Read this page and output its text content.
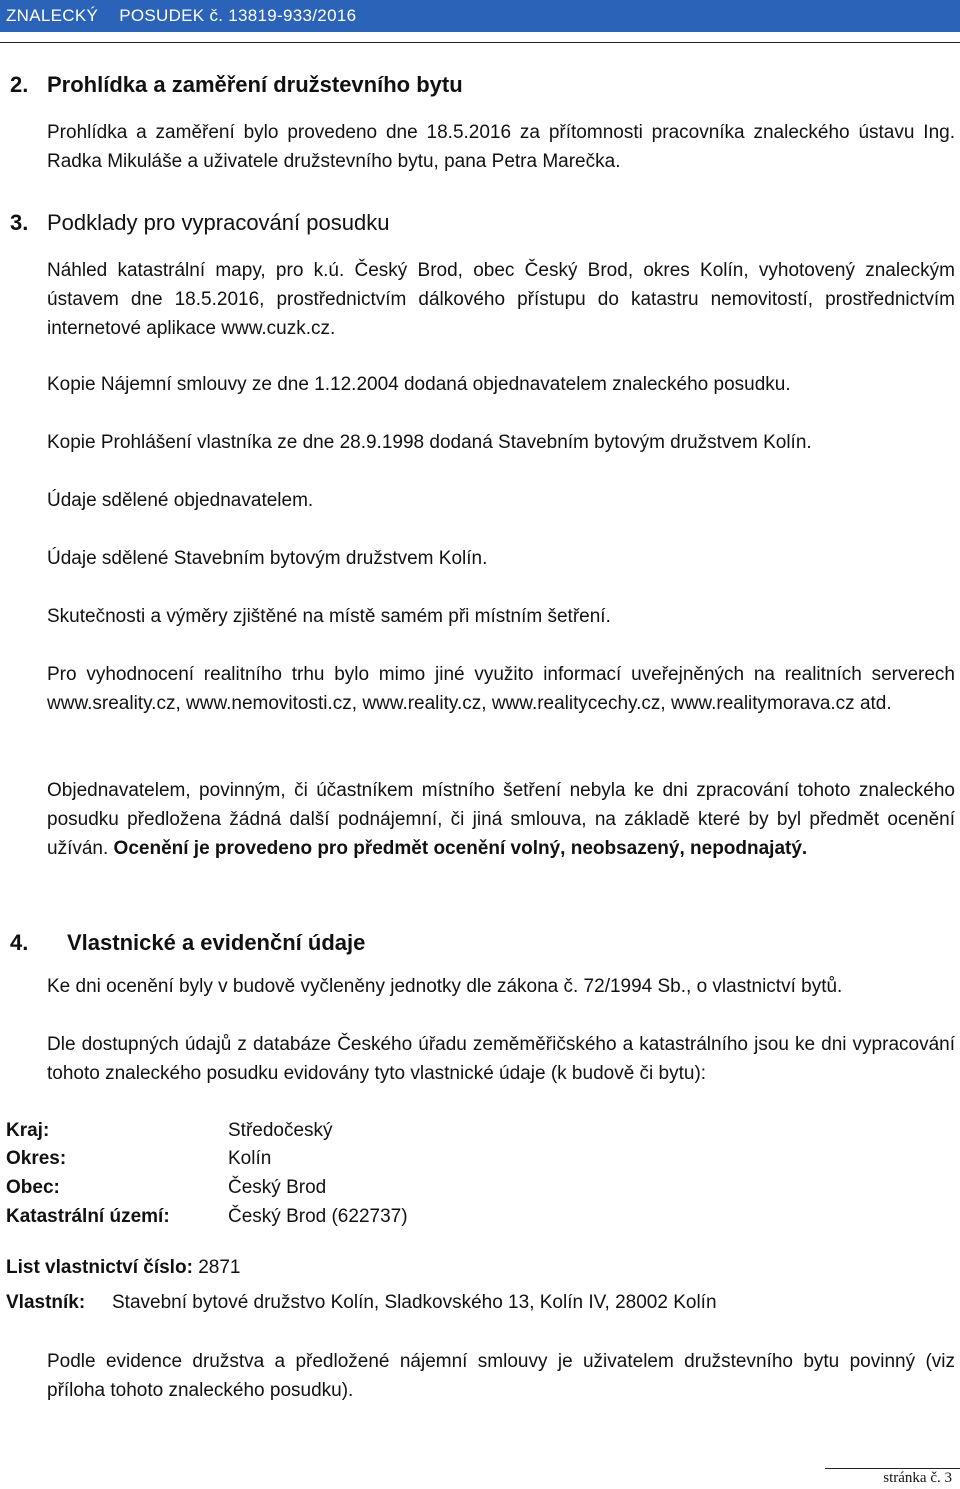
ZNALECKÝ POSUDEK č. 13819-933/2016
2. Prohlídka a zaměření družstevního bytu
Prohlídka a zaměření bylo provedeno dne 18.5.2016 za přítomnosti pracovníka znaleckého ústavu Ing. Radka Mikuláše a uživatele družstevního bytu, pana Petra Marečka.
3. Podklady pro vypracování posudku
Náhled katastrální mapy, pro k.ú. Český Brod, obec Český Brod, okres Kolín, vyhotovený znaleckým ústavem dne 18.5.2016, prostřednictvím dálkového přístupu do katastru nemovitostí, prostřednictvím internetové aplikace www.cuzk.cz.
Kopie Nájemní smlouvy ze dne 1.12.2004 dodaná objednavatelem znaleckého posudku.
Kopie Prohlášení vlastníka ze dne 28.9.1998 dodaná Stavebním bytovým družstvem Kolín.
Údaje sdělené objednavatelem.
Údaje sdělené Stavebním bytovým družstvem Kolín.
Skutečnosti a výměry zjištěné na místě samém při místním šetření.
Pro vyhodnocení realitního trhu bylo mimo jiné využito informací uveřejněných na realitních serverech www.sreality.cz, www.nemovitosti.cz, www.reality.cz, www.realitycechy.cz, www.realitymorava.cz atd.
Objednavatelem, povinným, či účastníkem místního šetření nebyla ke dni zpracování tohoto znaleckého posudku předložena žádná další podnájemní, či jiná smlouva, na základě které by byl předmět ocenění užíván. Ocenění je provedeno pro předmět ocenění volný, neobsazený, nepodnajatý.
4. Vlastnické a evidenční údaje
Ke dni ocenění byly v budově vyčleněny jednotky dle zákona č. 72/1994 Sb., o vlastnictví bytů.
Dle dostupných údajů z databáze Českého úřadu zeměměřičského a katastrálního jsou ke dni vypracování tohoto znaleckého posudku evidovány tyto vlastnické údaje (k budově či bytu):
Kraj:	Středočeský
Okres:	Kolín
Obec:	Český Brod
Katastrální území:	Český Brod (622737)
List vlastnictví číslo: 2871
Vlastník: Stavební bytové družstvo Kolín, Sladkovského 13, Kolín IV, 28002 Kolín
Podle evidence družstva a předložené nájemní smlouvy je uživatelem družstevního bytu povinný (viz příloha tohoto znaleckého posudku).
stránka č. 3
